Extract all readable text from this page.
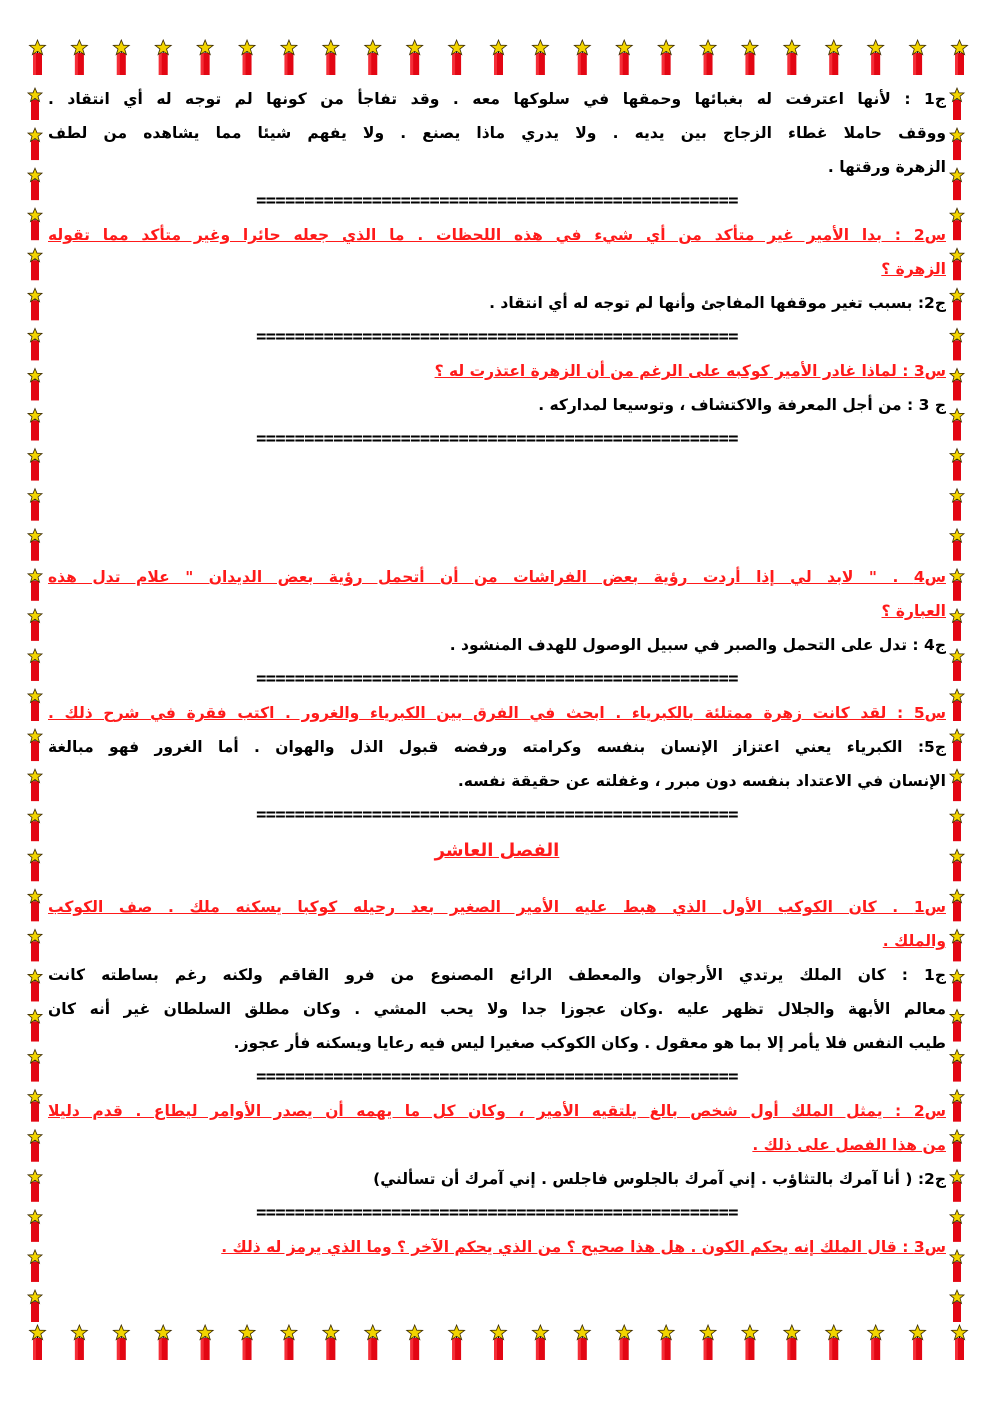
ج1 : لأنها اعترفت له بغبائها وحمقها في سلوكها معه . وقد تفاجأ من كونها لم توجه له أي انتقاد .
ووقف حاملا غطاء الزجاج بين يديه . ولا يدري ماذا يصنع . ولا يفهم شيئا مما يشاهده من لطف
الزهرة ورقتها .
==================================================
س2 : بدا الأمير غير متأكد من أي شيء في هذه اللحظات . ما الذي جعله حائرا وغير متأكد مما تقوله
الزهرة ؟
ج2: بسبب تغير موقفها المفاجئ وأنها لم توجه له أي انتقاد .
==================================================
س3 : لماذا غادر الأمير كوكبه على الرغم من أن الزهرة اعتذرت له ؟
ج 3 : من أجل المعرفة والاكتشاف ، وتوسيعا لمداركه .
==================================================
س4 . " لابد لي إذا أردت رؤية بعض الفراشات من أن أتحمل رؤية بعض الديدان " علام تدل هذه
العبارة ؟
ج4 : تدل على التحمل والصبر في سبيل الوصول للهدف المنشود .
==================================================
س5 : لقد كانت زهرة ممتلئة بالكبرياء . ابحث في الفرق بين الكبرياء والغرور . اكتب فقرة في شرح ذلك .
ج5: الكبرياء يعني اعتزاز الإنسان بنفسه وكرامته ورفضه قبول الذل والهوان . أما الغرور فهو مبالغة
الإنسان في الاعتداد بنفسه دون مبرر ، وغفلته عن حقيقة نفسه.
==================================================
الفصل العاشر
س1 . كان الكوكب الأول الذي هبط عليه الأمير الصغير بعد رحيله كوكبا يسكنه ملك . صف الكوكب
والملك .
ج1 : كان الملك يرتدي الأرجوان والمعطف الرائع المصنوع من فرو القاقم ولكنه رغم بساطته كانت
معالم الأبهة والجلال تظهر عليه .وكان عجوزا جدا ولا يحب المشي . وكان مطلق السلطان غير أنه كان
طيب النفس فلا يأمر إلا بما هو معقول . وكان الكوكب صغيرا ليس فيه رعايا ويسكنه فأر عجوز.
==================================================
س2 : يمثل الملك أول شخص بالغ يلتقيه الأمير ، وكان كل ما يهمه أن يصدر الأوامر ليطاع . قدم دليلا
من هذا الفصل على ذلك .
ج2: ( أنا آمرك بالتثاؤب . إني آمرك بالجلوس فاجلس . إني آمرك أن تسألني)
==================================================
س3 : قال الملك إنه يحكم الكون . هل هذا صحيح ؟ من الذي يحكم الآخر ؟ وما الذي يرمز له ذلك .
